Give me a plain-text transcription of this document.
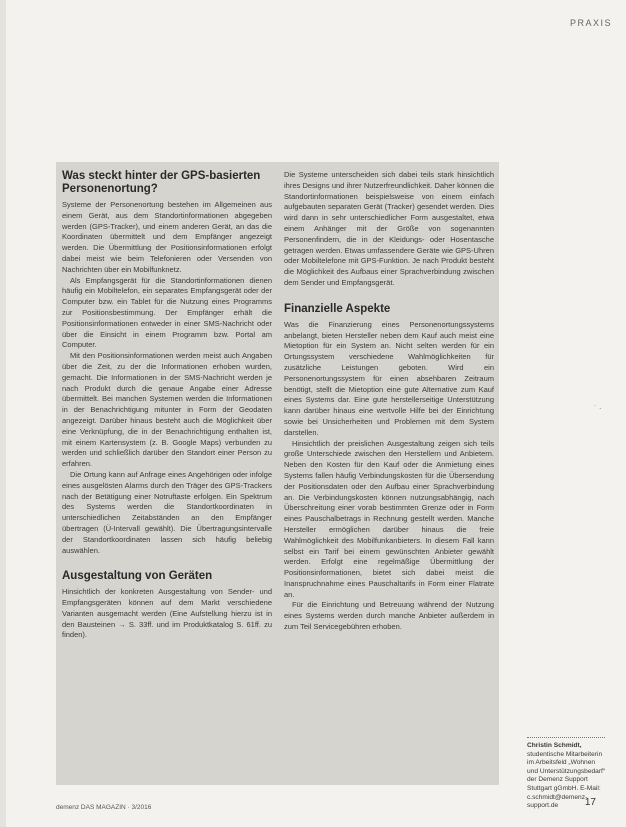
PRAXIS
Was steckt hinter der GPS-basierten Personenortung?

Systeme der Personenortung bestehen im Allgemeinen aus einem Gerät, aus dem Standortinformationen abgegeben werden (GPS-Tracker), und einem anderen Gerät, an das die Koordinaten übermittelt und dem Empfänger angezeigt werden. Die Übermittlung der Positionsinformationen erfolgt dabei meist wie beim Telefonieren oder Versenden von Nachrichten über ein Mobilfunknetz.

Als Empfangsgerät für die Standortinformationen dienen häufig ein Mobiltelefon, ein separates Empfangsgerät oder der Computer bzw. ein Tablet für die Nutzung eines Programms zur Positionsbestimmung. Der Empfänger erhält die Positionsinformationen entweder in einer SMS-Nachricht oder über die Einsicht in einem Programm bzw. Portal am Computer.

Mit den Positionsinformationen werden meist auch Angaben über die Zeit, zu der die Informationen erhoben wurden, gemacht. Die Informationen in der SMS-Nachricht werden je nach Produkt durch die genaue Angabe einer Adresse übermittelt. Bei manchen Systemen werden die Informationen in der Benachrichtigung mitunter in Form der Geodaten angezeigt. Darüber hinaus besteht auch die Möglichkeit über eine Verknüpfung, die in der Benachrichtigung enthalten ist, mit einem Kartensystem (z. B. Google Maps) verbunden zu werden und schließlich darüber den Standort einer Person zu erfahren.

Die Ortung kann auf Anfrage eines Angehörigen oder infolge eines ausgelösten Alarms durch den Träger des GPS-Trackers nach der Betätigung einer Notruftaste erfolgen. Ein Spektrum des Systems werden die Standortkoordinaten in unterschiedlichen Zeitabständen an den Empfänger übertragen (Ü-Intervall gewählt). Die Übertragungsintervalle der Standortkoordinaten lassen sich häufig beliebig auswählen.

Ausgestaltung von Geräten

Hinsichtlich der konkreten Ausgestaltung von Sender- und Empfangsgeräten können auf dem Markt verschiedene Varianten ausgemacht werden (Eine Aufstellung hierzu ist in den Bausteinen → S. 33ff. und im Produktkatalog S. 61ff. zu finden).

Die Systeme unterscheiden sich dabei teils stark hinsichtlich ihres Designs und ihrer Nutzerfreundlichkeit. Daher können die Standortinformationen beispielsweise von einem einfach aufgebauten separaten Gerät (Tracker) gesendet werden. Dies wird dann in sehr unterschiedlicher Form ausgestaltet, etwa einem Anhänger mit der Größe von sogenannten Personenfindern, die in der Kleidungs- oder Hosentasche getragen werden. Etwas umfassendere Geräte wie GPS-Uhren oder Mobiltelefone mit GPS-Funktion. Je nach Produkt besteht die Möglichkeit des Aufbaus einer Sprachverbindung zwischen dem Sender und Empfangsgerät.

Finanzielle Aspekte

Was die Finanzierung eines Personenortungssystems anbelangt, bieten Hersteller neben dem Kauf auch meist eine Mietoption für ein System an. Nicht selten werden für ein Ortungssystem verschiedene Wahlmöglichkeiten für zusätzliche Leistungen geboten. Wird ein Personenortungssystem für einen absehbaren Zeitraum benötigt, stellt die Mietoption eine gute Alternative zum Kauf eines Systems dar. Eine gute herstellerseitige Unterstützung kann darüber hinaus eine wertvolle Hilfe bei der Einrichtung sowie bei Unsicherheiten und Problemen mit dem System darstellen.

Hinsichtlich der preislichen Ausgestaltung zeigen sich teils große Unterschiede zwischen den Herstellern und Anbietern. Neben den Kosten für den Kauf oder die Anmietung eines Systems fallen häufig Verbindungskosten für die Übersendung der Positionsdaten oder den Aufbau einer Sprachverbindung an. Die Verbindungskosten können nutzungsabhängig, nach Überschreitung einer vorab bestimmten Grenze oder in Form eines Pauschalbetrags in Rechnung gestellt werden. Manche Hersteller ermöglichen darüber hinaus die freie Wahlmöglichkeit des Mobilfunkanbieters. In diesem Fall kann selbst ein Tarif bei einem gewünschten Anbieter gewählt werden. Erfolgt eine regelmäßige Übermittlung der Positionsinformationen, bietet sich dabei meist die Inanspruchnahme eines Pauschaltarifs in Form einer Flatrate an.

Für die Einrichtung und Betreuung während der Nutzung eines Systems werden durch manche Anbieter außerdem in zum Teil Servicegebühren erhoben.

˙ ·
Christin Schmidt, studentische Mitarbeiterin im Arbeitsfeld „Wohnen und Unterstützungsbedarf“ der Demenz Support Stuttgart gGmbH. E-Mail: c.schmidt@demenz-support.de
demenz DAS MAGAZIN · 3/2016	17
